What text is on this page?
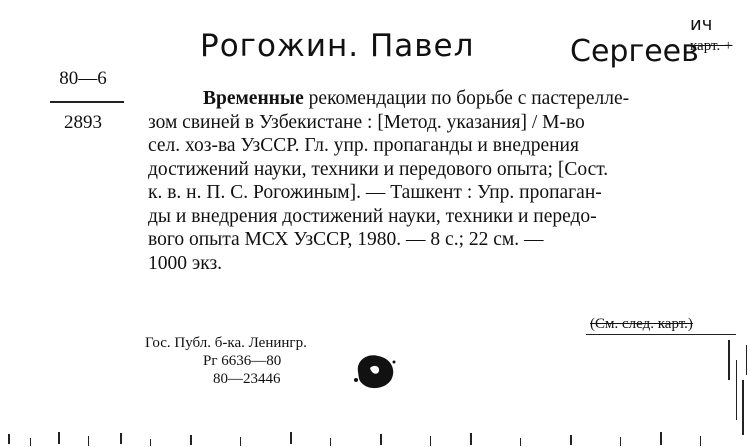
Рогожин. Павел	Сергеев
ич
карт. +
80—6
2893
Временные рекомендации по борьбе с пастерелле-
зом свиней в Узбекистане : [Метод. указания] / М-во
сел. хоз-ва УзССР. Гл. упр. пропаганды и внедрения
достижений науки, техники и передового опыта; [Сост.
к. в. н. П. С. Рогожиным]. — Ташкент : Упр. пропаган-
ды и внедрения достижений науки, техники и передо-
вого опыта МСХ УзССР, 1980. — 8 с.; 22 см. —
1000 экз.
(См. след. карт.)
Гос. Публ. б-ка. Ленингр.
Рг 6636—80
80—23446
